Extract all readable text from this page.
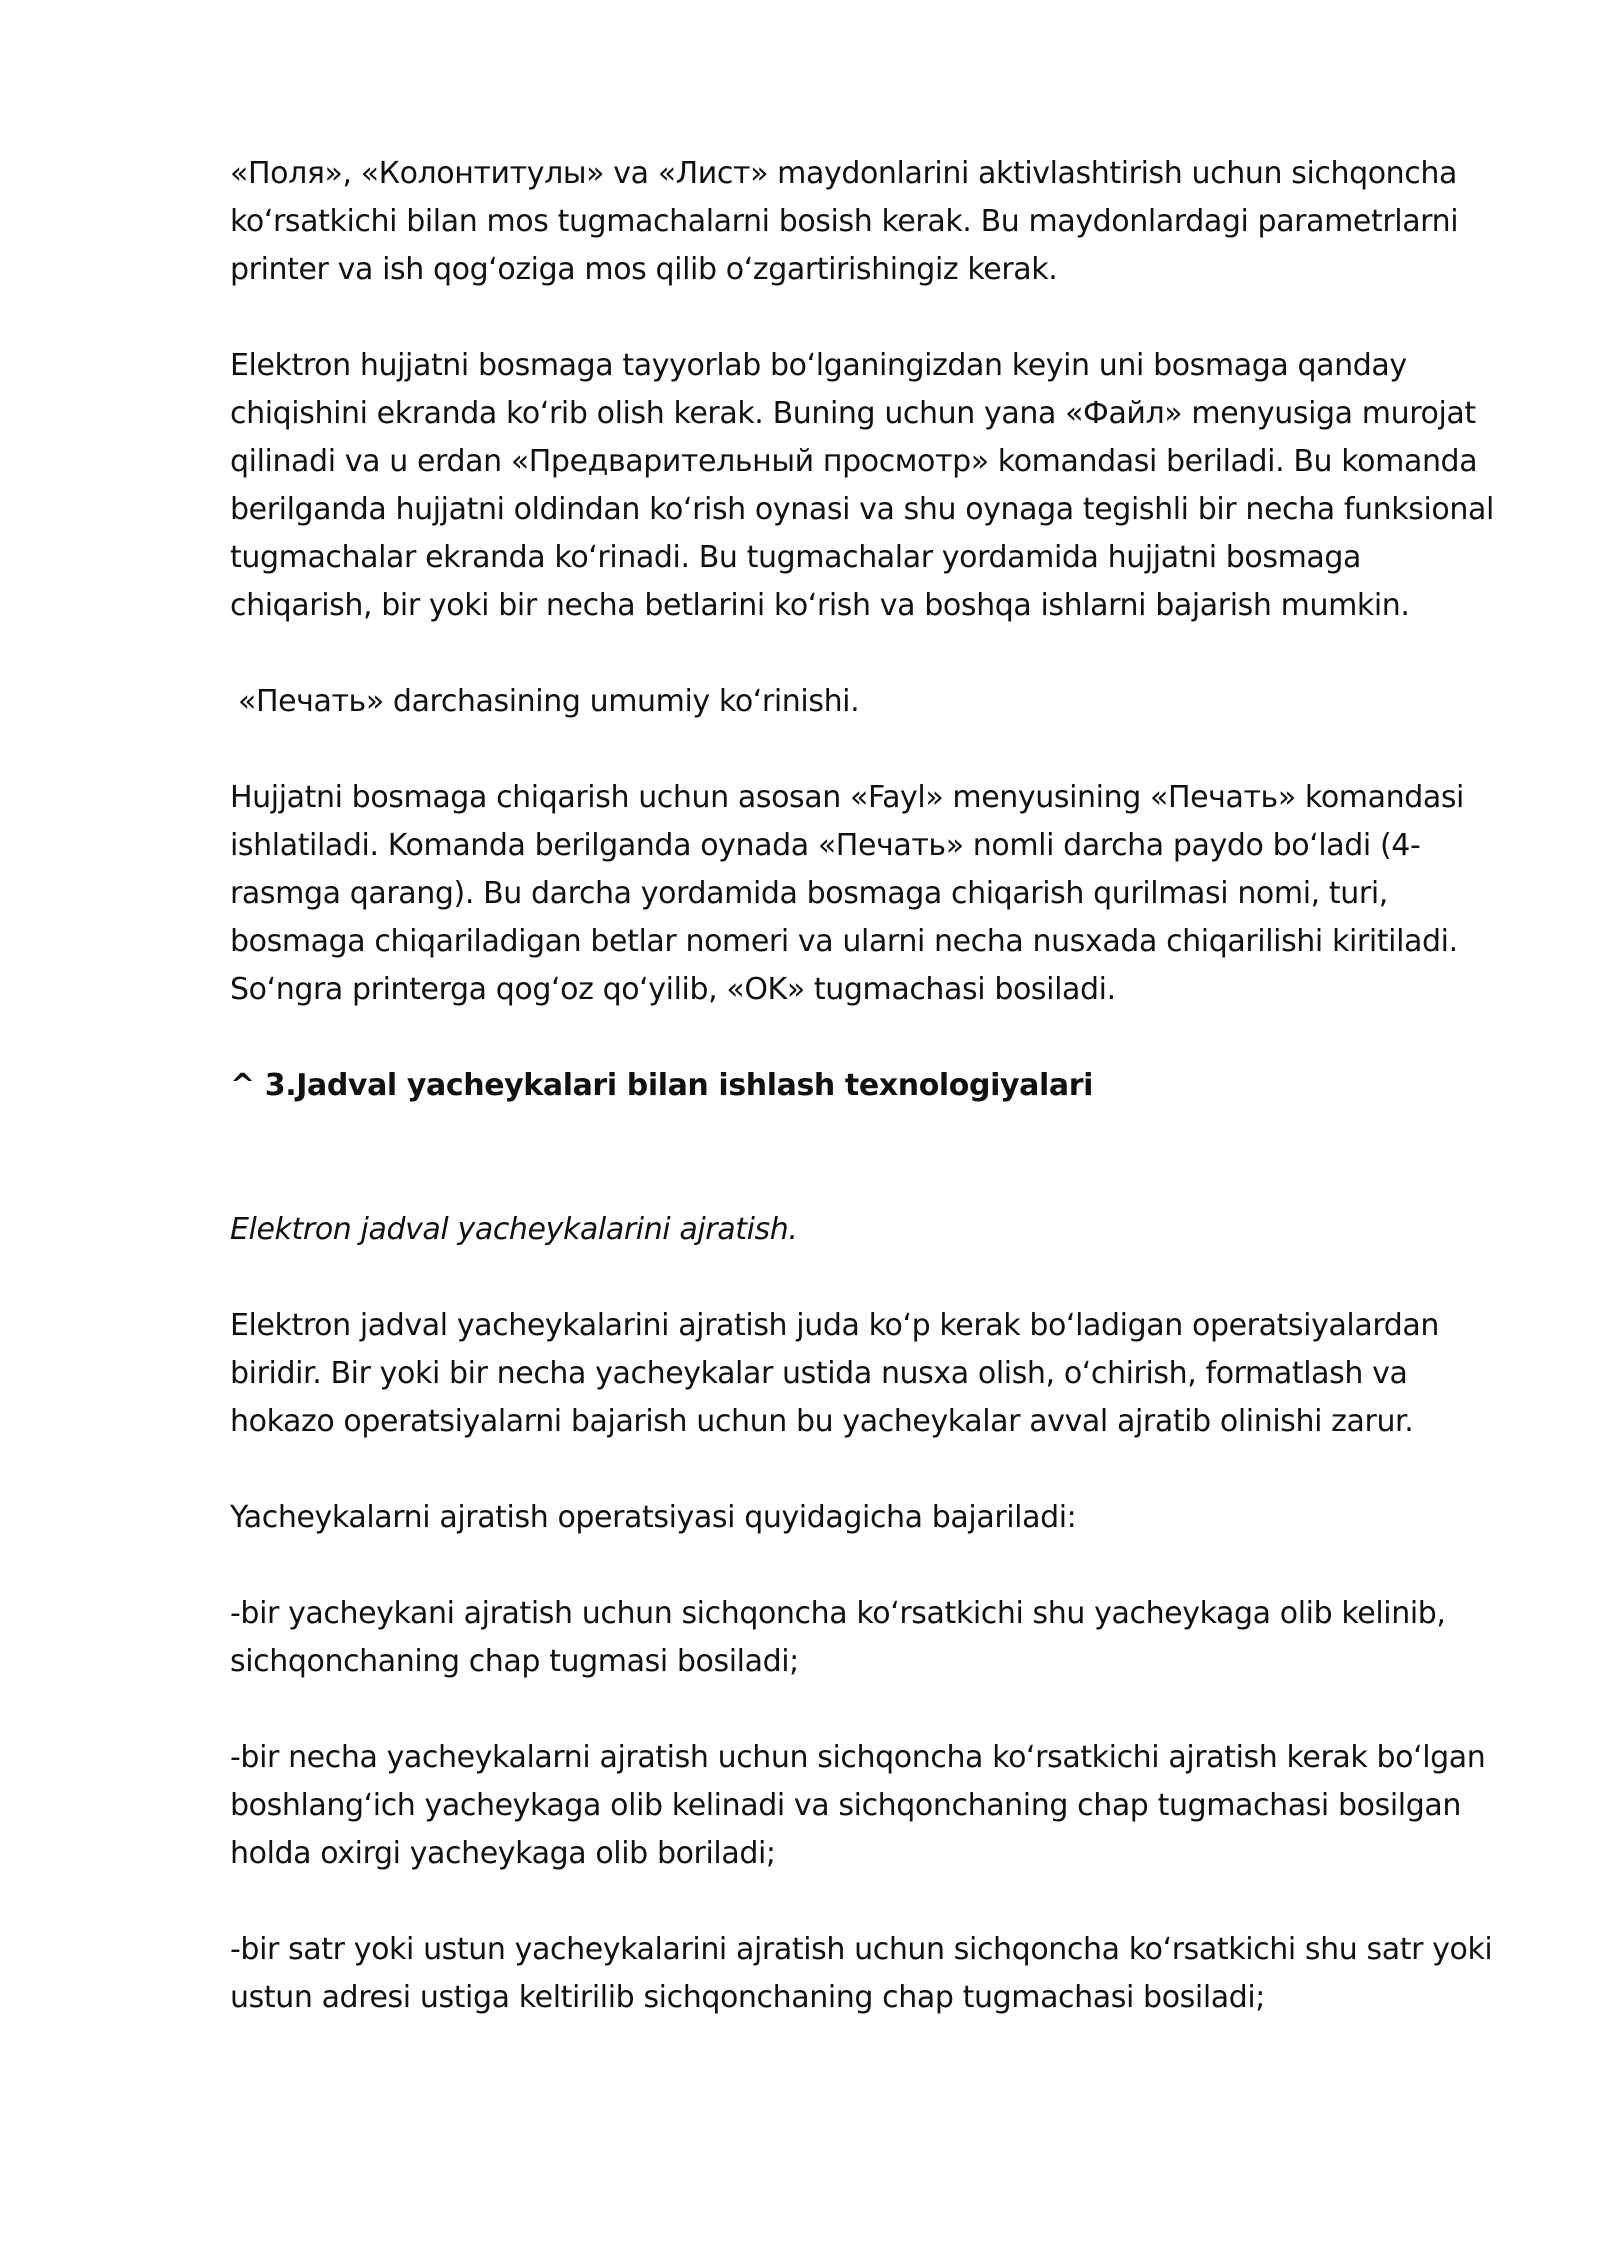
«Поля», «Колонтитулы» va «Лист» maydonlarini aktivlashtirish uchun sichqoncha koʻrsatkichi bilan mos tugmachalarni bosish kerak. Bu maydonlardagi parametrlarni printer va ish qogʻoziga mos qilib oʻzgartirishingiz kerak.

Elektron hujjatni bosmaga tayyorlab boʻlganingizdan keyin uni bosmaga qanday chiqishini ekranda koʻrib olish kerak. Buning uchun yana «Файл» menyusiga murojat qilinadi va u erdan «Предварительный просмотр» komandasi beriladi. Bu komanda berilganda hujjatni oldindan koʻrish oynasi va shu oynaga tegishli bir necha funksional tugmachalar ekranda koʻrinadi. Bu tugmachalar yordamida hujjatni bosmaga chiqarish, bir yoki bir necha betlarini koʻrish va boshqa ishlarni bajarish mumkin.

«Печать» darchasining umumiy koʻrinishi.

Hujjatni bosmaga chiqarish uchun asosan «Fayl» menyusining «Печать» komandasi ishlatiladi. Komanda berilganda oynada «Печать» nomli darcha paydo boʻladi (4-rasmga qarang). Bu darcha yordamida bosmaga chiqarish qurilmasi nomi, turi, bosmaga chiqariladigan betlar nomeri va ularni necha nusxada chiqarilishi kiritiladi. Soʻngra printerga qogʻoz qoʻyilib, «OK» tugmachasi bosiladi.

^ 3.Jadval yacheykalari bilan ishlash texnologiyalari

Elektron jadval yacheykalarini ajratish.

Elektron jadval yacheykalarini ajratish juda koʻp kerak boʻladigan operatsiyalardan biridir. Bir yoki bir necha yacheykalar ustida nusxa olish, oʻchirish, formatlash va hokazo operatsiyalarni bajarish uchun bu yacheykalar avval ajratib olinishi zarur.

Yacheykalarni ajratish operatsiyasi quyidagicha bajariladi:

-bir yacheykani ajratish uchun sichqoncha koʻrsatkichi shu yacheykaga olib kelinib, sichqonchaning chap tugmasi bosiladi;

-bir necha yacheykalarni ajratish uchun sichqoncha koʻrsatkichi ajratish kerak boʻlgan boshlangʻich yacheykaga olib kelinadi va sichqonchaning chap tugmachasi bosilgan holda oxirgi yacheykaga olib boriladi;

-bir satr yoki ustun yacheykalarini ajratish uchun sichqoncha koʻrsatkichi shu satr yoki ustun adresi ustiga keltirilib sichqonchaning chap tugmachasi bosiladi;
